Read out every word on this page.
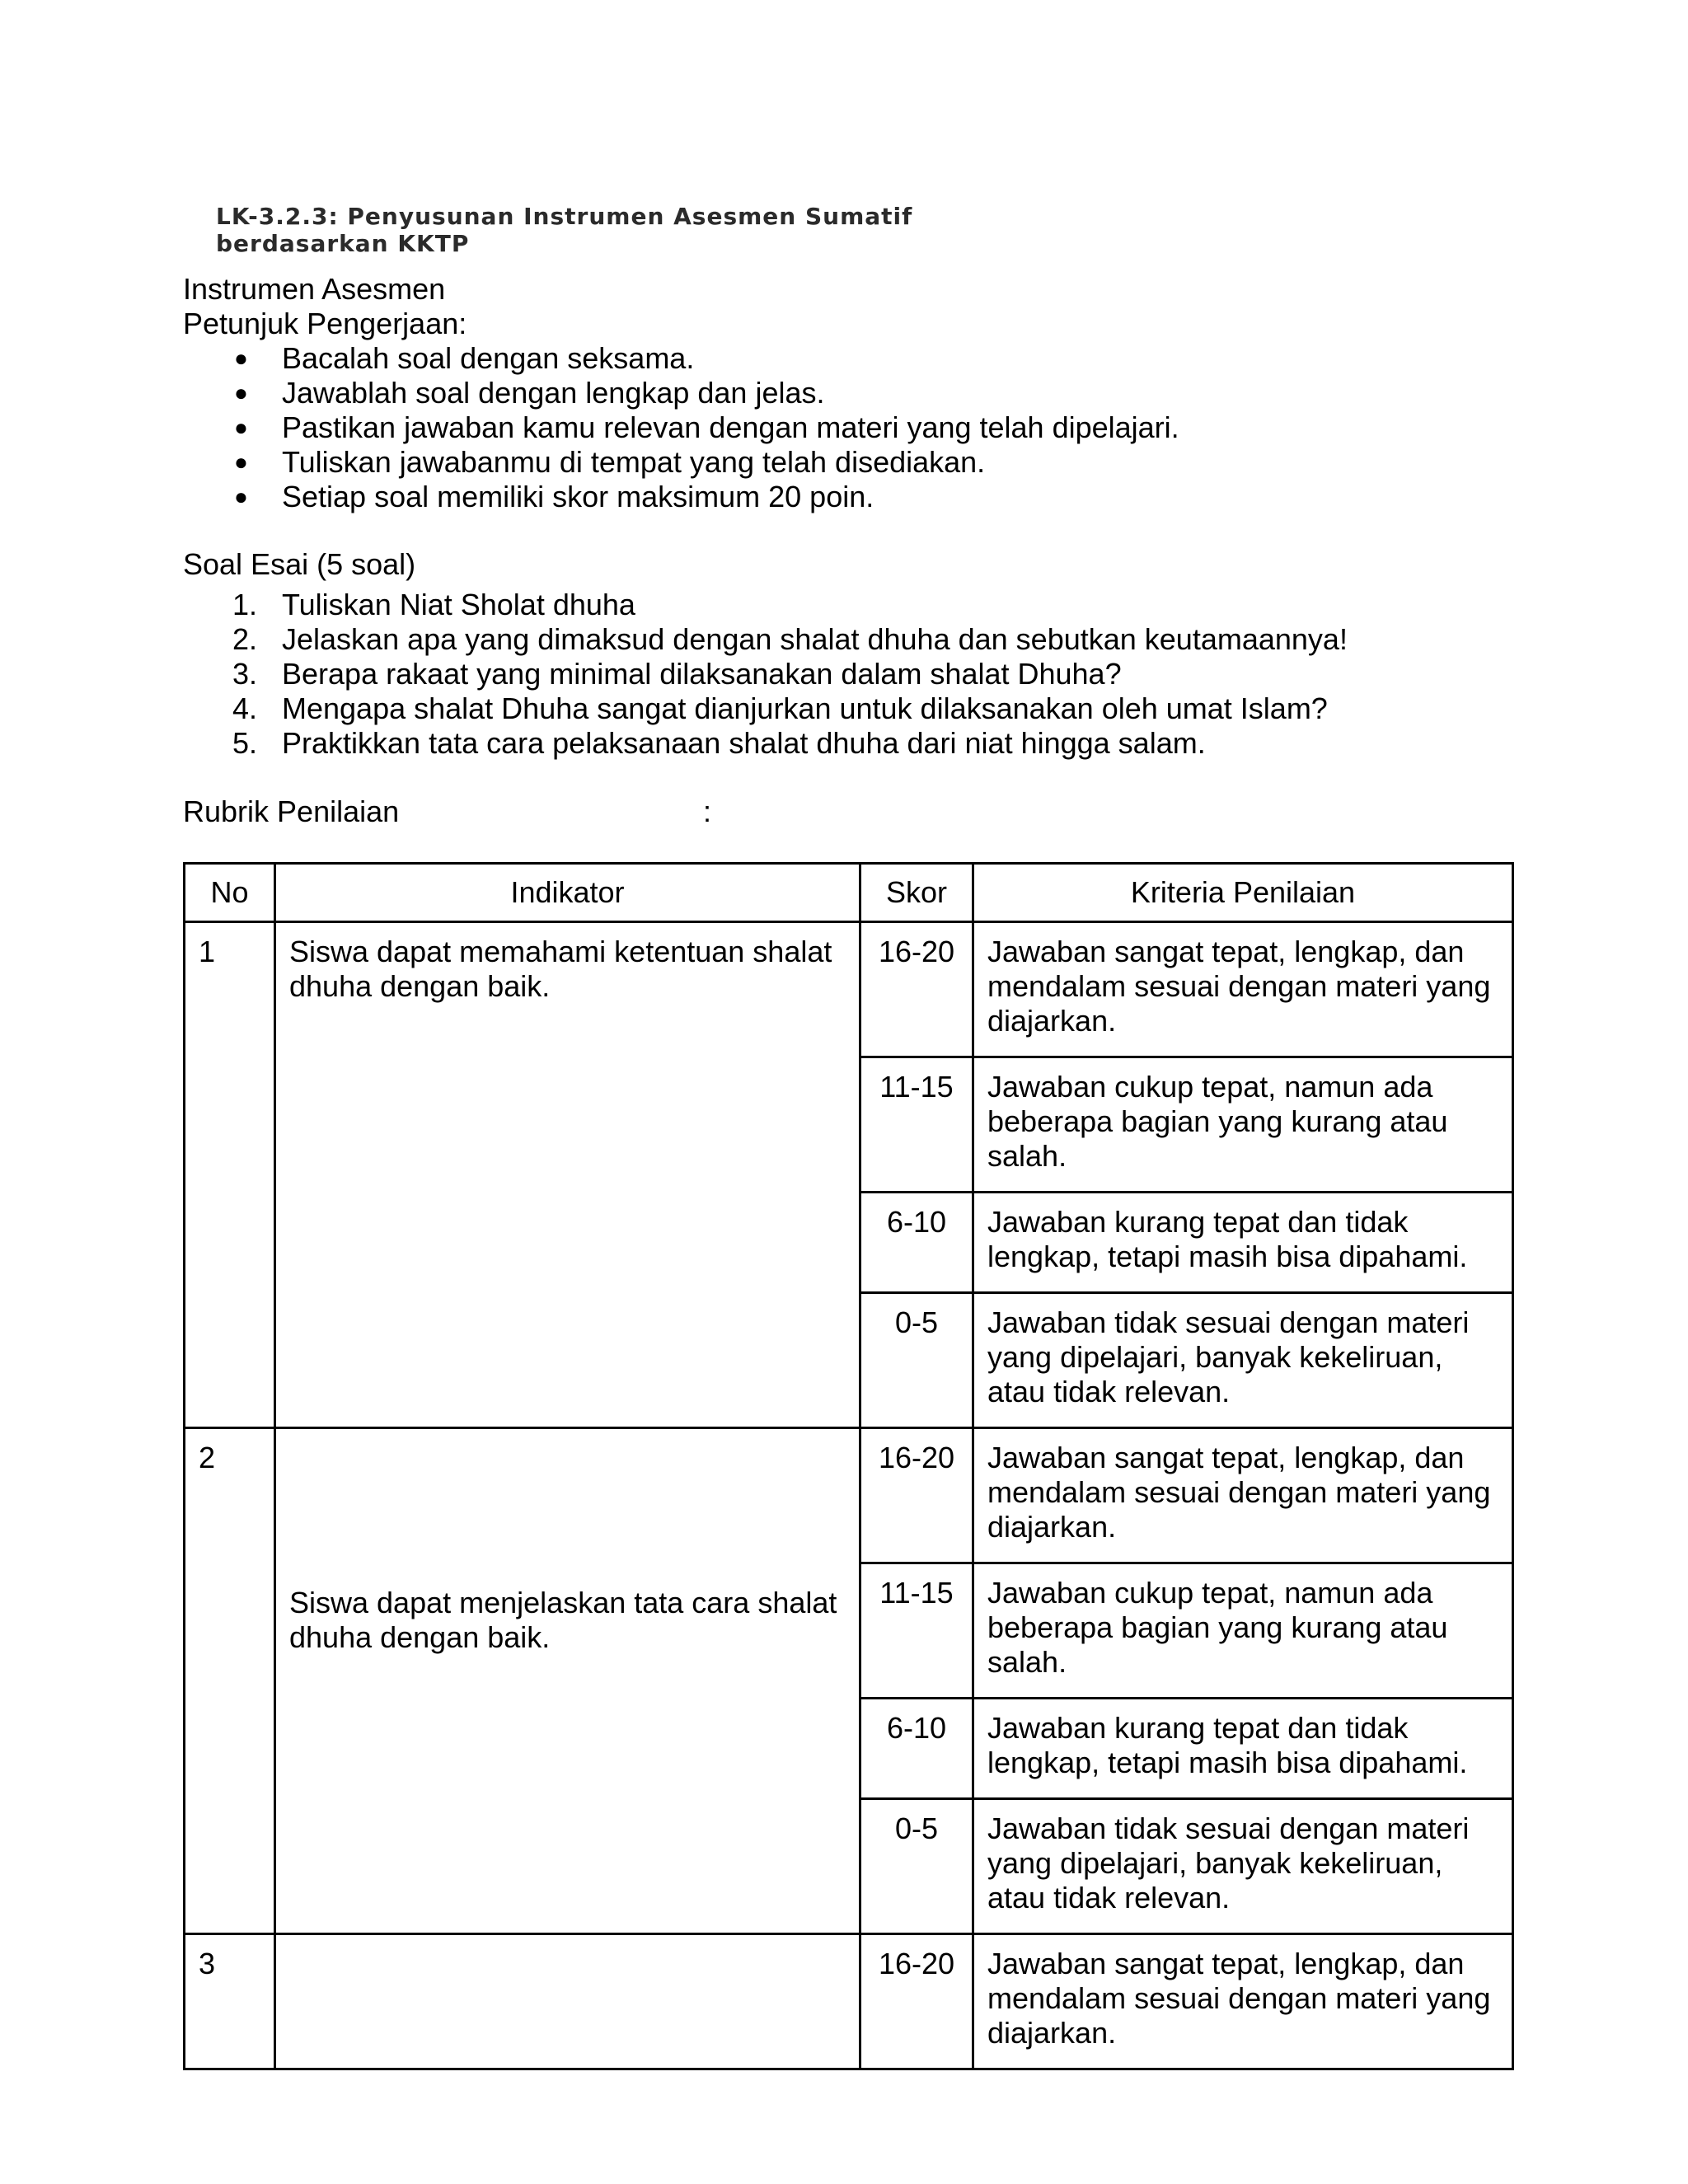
LK-3.2.3: Penyusunan Instrumen Asesmen Sumatif
berdasarkan KKTP
Instrumen Asesmen
Petunjuk Pengerjaan:
●	Bacalah soal dengan seksama.
●	Jawablah soal dengan lengkap dan jelas.
●	Pastikan jawaban kamu relevan dengan materi yang telah dipelajari.
●	Tuliskan jawabanmu di tempat yang telah disediakan.
●	Setiap soal memiliki skor maksimum 20 poin.
Soal Esai (5 soal)
1. Tuliskan Niat Sholat dhuha
2. Jelaskan apa yang dimaksud dengan shalat dhuha dan sebutkan keutamaannya!
3. Berapa rakaat yang minimal dilaksanakan dalam shalat Dhuha?
4. Mengapa shalat Dhuha sangat dianjurkan untuk dilaksanakan oleh umat Islam?
5. Praktikkan tata cara pelaksanaan shalat dhuha dari niat hingga salam.
Rubrik Penilaian	:
No	Indikator	Skor	Kriteria Penilaian
1	Siswa dapat memahami ketentuan shalat dhuha dengan baik.	16-20	Jawaban sangat tepat, lengkap, dan mendalam sesuai dengan materi yang diajarkan.
		11-15	Jawaban cukup tepat, namun ada beberapa bagian yang kurang atau salah.
		6-10	Jawaban kurang tepat dan tidak lengkap, tetapi masih bisa dipahami.
		0-5	Jawaban tidak sesuai dengan materi yang dipelajari, banyak kekeliruan, atau tidak relevan.
2	Siswa dapat menjelaskan tata cara shalat dhuha dengan baik.	16-20	Jawaban sangat tepat, lengkap, dan mendalam sesuai dengan materi yang diajarkan.
		11-15	Jawaban cukup tepat, namun ada beberapa bagian yang kurang atau salah.
		6-10	Jawaban kurang tepat dan tidak lengkap, tetapi masih bisa dipahami.
		0-5	Jawaban tidak sesuai dengan materi yang dipelajari, banyak kekeliruan, atau tidak relevan.
3		16-20	Jawaban sangat tepat, lengkap, dan mendalam sesuai dengan materi yang diajarkan.
